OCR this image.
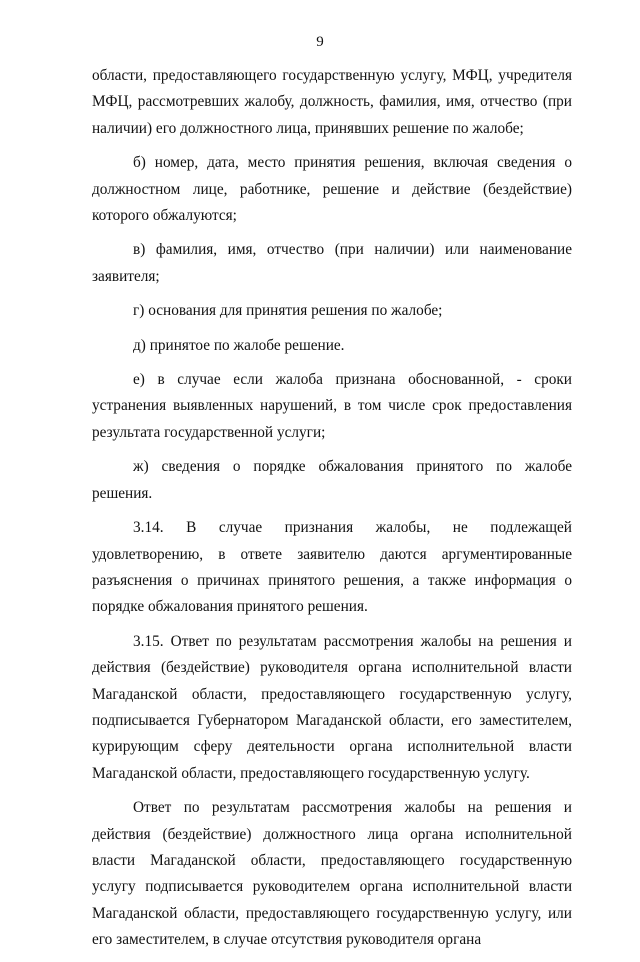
9

области, предоставляющего государственную услугу, МФЦ, учредителя МФЦ, рассмотревших жалобу, должность, фамилия, имя, отчество (при наличии) его должностного лица, принявших решение по жалобе;

б) номер, дата, место принятия решения, включая сведения о должностном лице, работнике, решение и действие (бездействие) которого обжалуются;

в) фамилия, имя, отчество (при наличии) или наименование заявителя;

г) основания для принятия решения по жалобе;

д) принятое по жалобе решение.

е) в случае если жалоба признана обоснованной, - сроки устранения выявленных нарушений, в том числе срок предоставления результата государственной услуги;

ж) сведения о порядке обжалования принятого по жалобе решения.

3.14. В случае признания жалобы, не подлежащей удовлетворению, в ответе заявителю даются аргументированные разъяснения о причинах принятого решения, а также информация о порядке обжалования принятого решения.

3.15. Ответ по результатам рассмотрения жалобы на решения и действия (бездействие) руководителя органа исполнительной власти Магаданской области, предоставляющего государственную услугу, подписывается Губернатором Магаданской области, его заместителем, курирующим сферу деятельности органа исполнительной власти Магаданской области, предоставляющего государственную услугу.

Ответ по результатам рассмотрения жалобы на решения и действия (бездействие) должностного лица органа исполнительной власти Магаданской области, предоставляющего государственную услугу подписывается руководителем органа исполнительной власти Магаданской области, предоставляющего государственную услугу, или его заместителем, в случае отсутствия руководителя органа
